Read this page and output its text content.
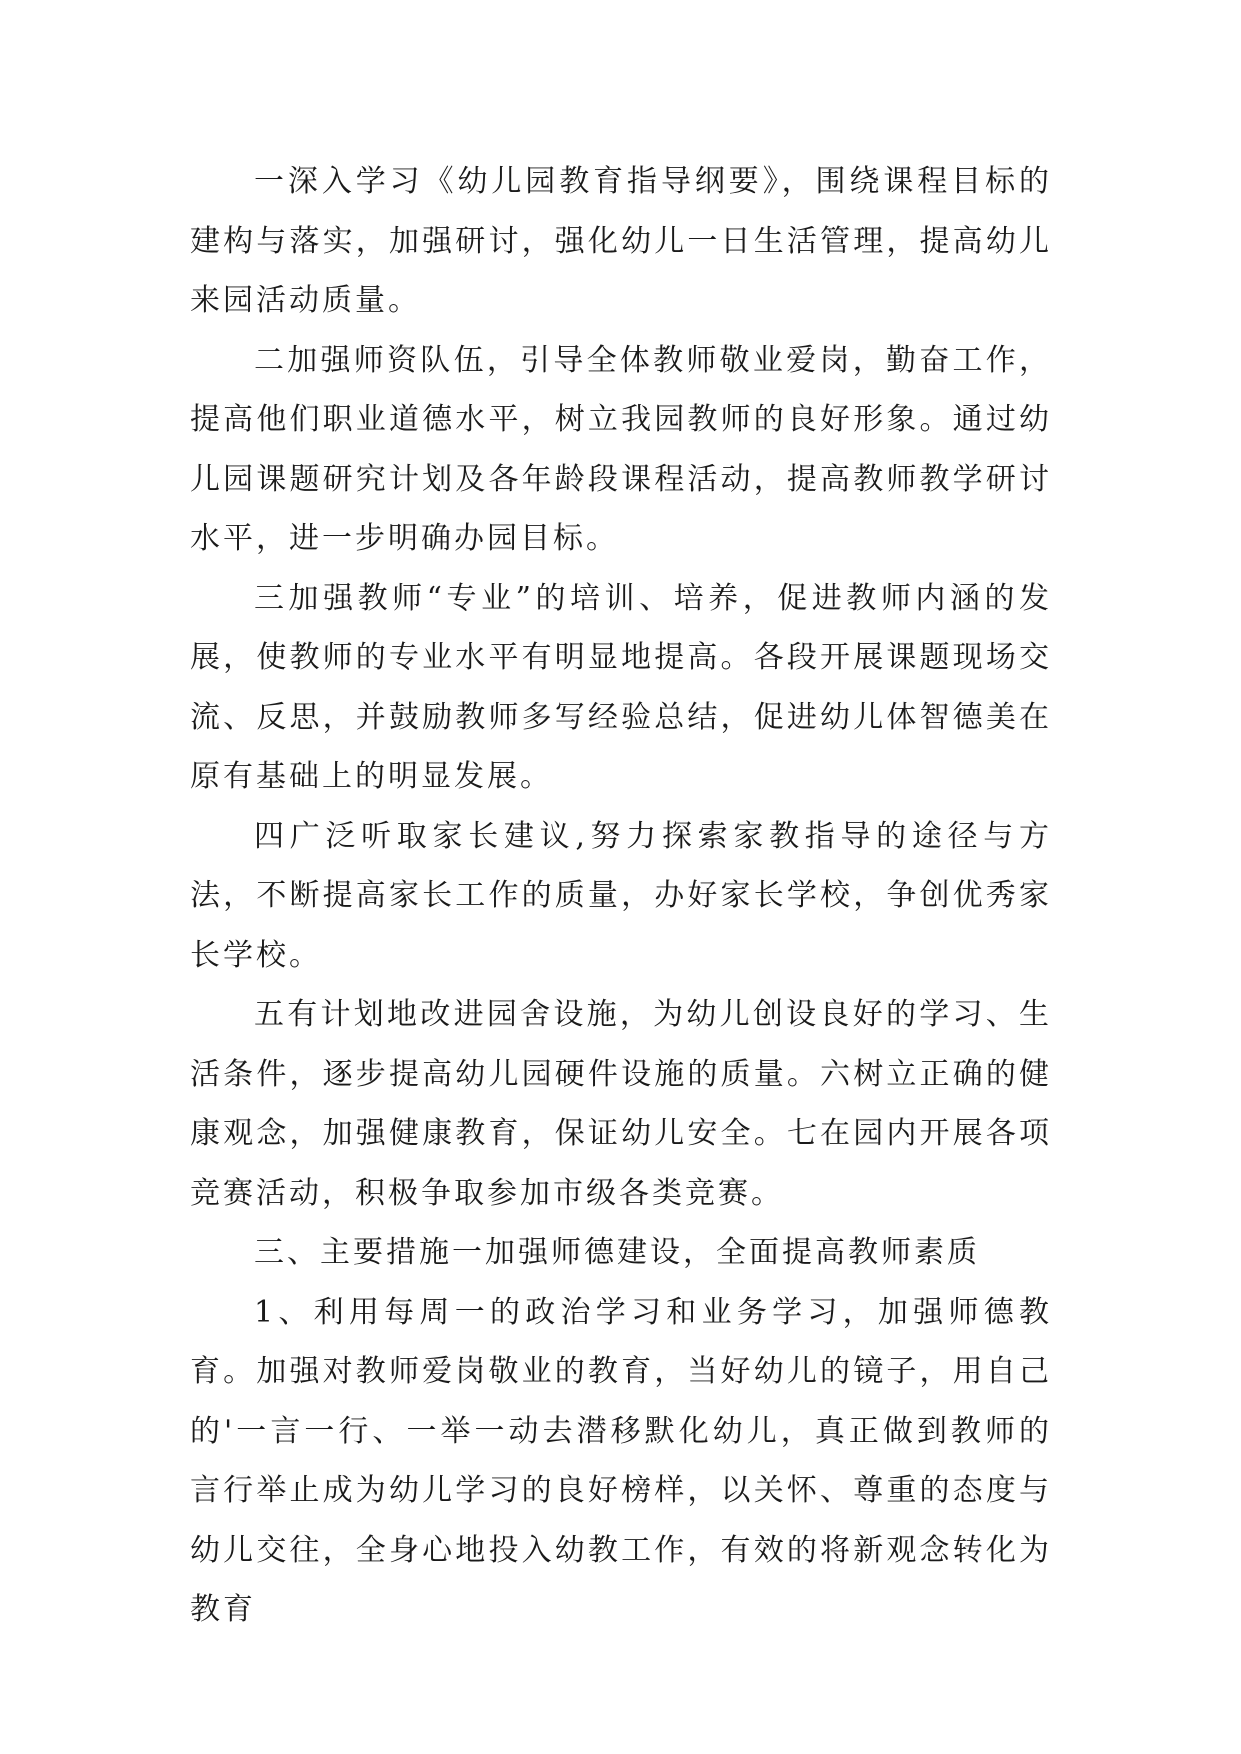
一深入学习《幼儿园教育指导纲要》，围绕课程目标的建构与落实，加强研讨，强化幼儿一日生活管理，提高幼儿来园活动质量。

二加强师资队伍，引导全体教师敬业爱岗，勤奋工作，提高他们职业道德水平，树立我园教师的良好形象。通过幼儿园课题研究计划及各年龄段课程活动，提高教师教学研讨水平，进一步明确办园目标。

三加强教师“专业”的培训、培养，促进教师内涵的发展，使教师的专业水平有明显地提高。各段开展课题现场交流、反思，并鼓励教师多写经验总结，促进幼儿体智德美在原有基础上的明显发展。

四广泛听取家长建议,努力探索家教指导的途径与方法，不断提高家长工作的质量，办好家长学校，争创优秀家长学校。

五有计划地改进园舍设施，为幼儿创设良好的学习、生活条件，逐步提高幼儿园硬件设施的质量。六树立正确的健康观念，加强健康教育，保证幼儿安全。七在园内开展各项竞赛活动，积极争取参加市级各类竞赛。

三、主要措施一加强师德建设，全面提高教师素质

1、利用每周一的政治学习和业务学习，加强师德教育。加强对教师爱岗敬业的教育，当好幼儿的镜子，用自己的'一言一行、一举一动去潜移默化幼儿，真正做到教师的言行举止成为幼儿学习的良好榜样，以关怀、尊重的态度与幼儿交往，全身心地投入幼教工作，有效的将新观念转化为教育
